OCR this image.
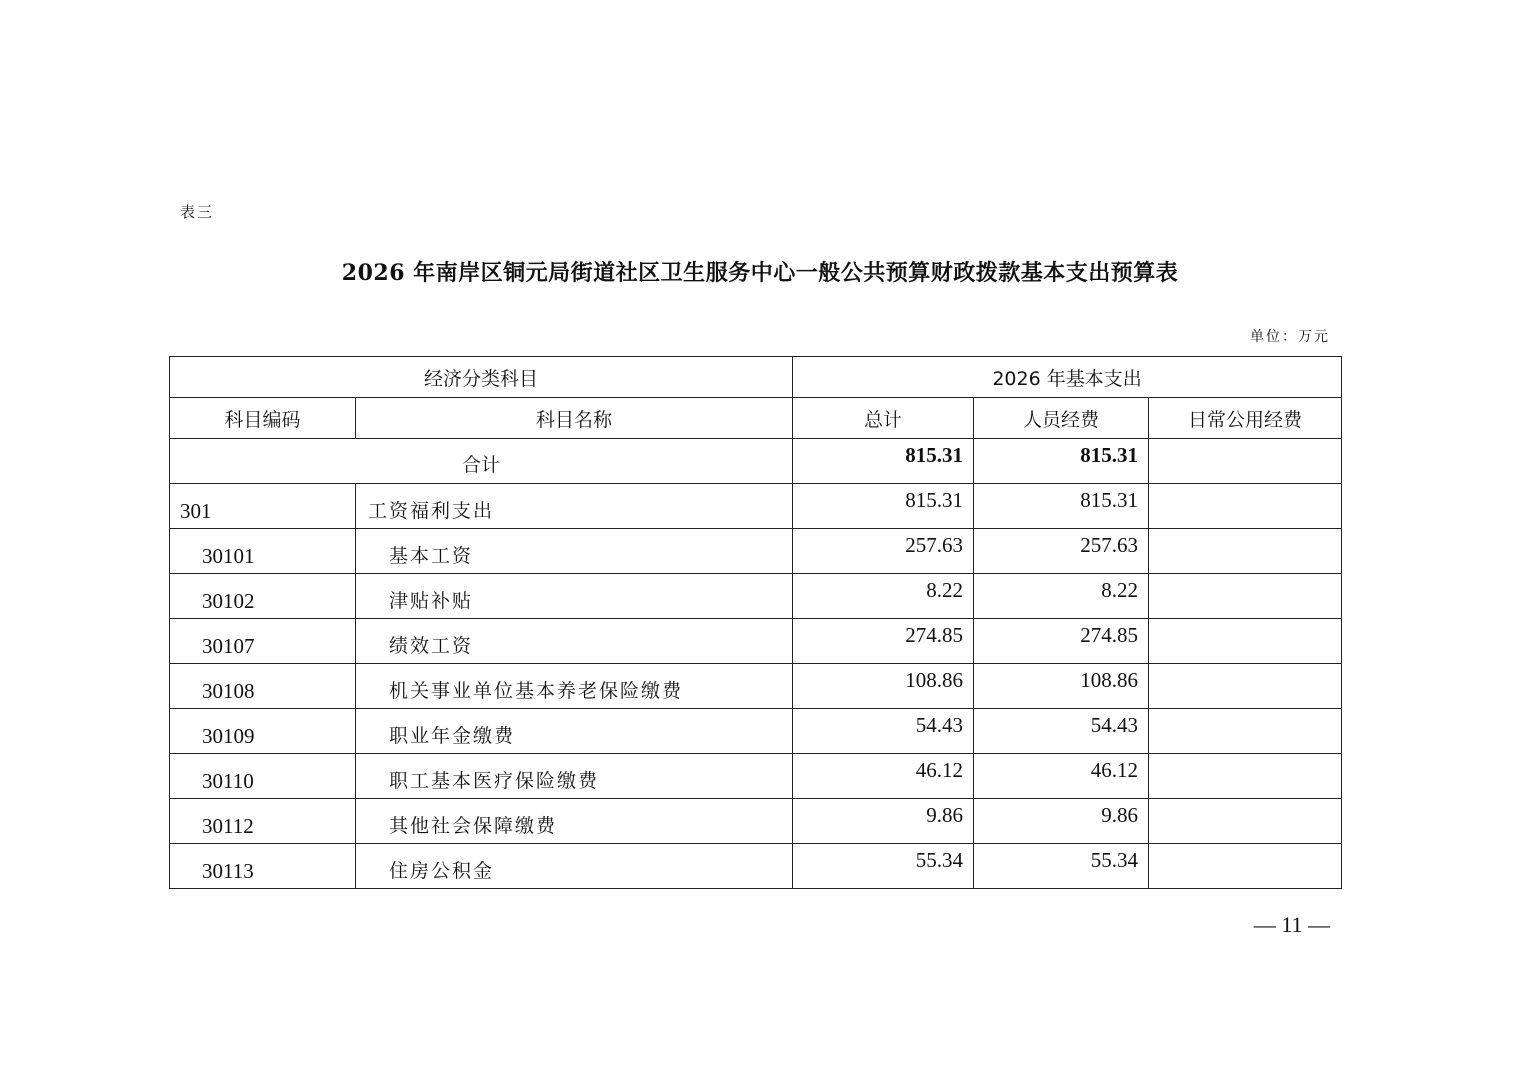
表三
2026 年南岸区铜元局街道社区卫生服务中心一般公共预算财政拨款基本支出预算表
单位：万元
经济分类科目		2026 年基本支出		
科目编码	科目名称	总计	人员经费	日常公用经费
合计		815.31	815.31	
301	工资福利支出	815.31	815.31	
30101	基本工资	257.63	257.63	
30102	津贴补贴	8.22	8.22	
30107	绩效工资	274.85	274.85	
30108	机关事业单位基本养老保险缴费	108.86	108.86	
30109	职业年金缴费	54.43	54.43	
30110	职工基本医疗保险缴费	46.12	46.12	
30112	其他社会保障缴费	9.86	9.86	
30113	住房公积金	55.34	55.34	
— 11 —
